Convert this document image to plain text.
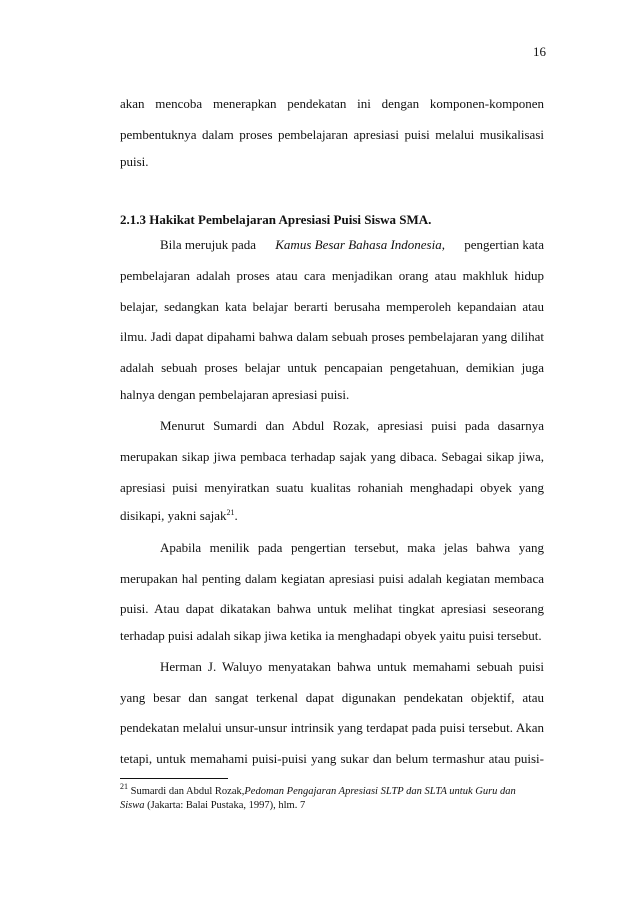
16
akan mencoba menerapkan pendekatan ini dengan komponen-komponen
pembentuknya dalam proses pembelajaran apresiasi puisi melalui musikalisasi
puisi.
2.1.3 Hakikat Pembelajaran Apresiasi Puisi Siswa SMA.
Bila merujuk pada Kamus Besar Bahasa Indonesia, pengertian kata
pembelajaran adalah proses atau cara menjadikan orang atau makhluk hidup
belajar, sedangkan kata belajar berarti berusaha memperoleh kepandaian atau
ilmu. Jadi dapat dipahami bahwa dalam sebuah proses pembelajaran yang dilihat
adalah sebuah proses belajar untuk pencapaian pengetahuan, demikian juga
halnya dengan pembelajaran apresiasi puisi.
Menurut Sumardi dan Abdul Rozak, apresiasi puisi pada dasarnya
merupakan sikap jiwa pembaca terhadap sajak yang dibaca. Sebagai sikap jiwa,
apresiasi puisi menyiratkan suatu kualitas rohaniah menghadapi obyek yang
disikapi, yakni sajak$^{21}$.
Apabila menilik pada pengertian tersebut, maka jelas bahwa yang
merupakan hal penting dalam kegiatan apresiasi puisi adalah kegiatan membaca
puisi. Atau dapat dikatakan bahwa untuk melihat tingkat apresiasi seseorang
terhadap puisi adalah sikap jiwa ketika ia menghadapi obyek yaitu puisi tersebut.
Herman J. Waluyo menyatakan bahwa untuk memahami sebuah puisi
yang besar dan sangat terkenal dapat digunakan pendekatan objektif, atau
pendekatan melalui unsur-unsur intrinsik yang terdapat pada puisi tersebut. Akan
tetapi, untuk memahami puisi-puisi yang sukar dan belum termashur atau puisi-
$^{21}$ Sumardi dan Abdul Rozak,Pedoman Pengajaran Apresiasi SLTP dan SLTA untuk Guru dan
Siswa (Jakarta: Balai Pustaka, 1997), hlm. 7
